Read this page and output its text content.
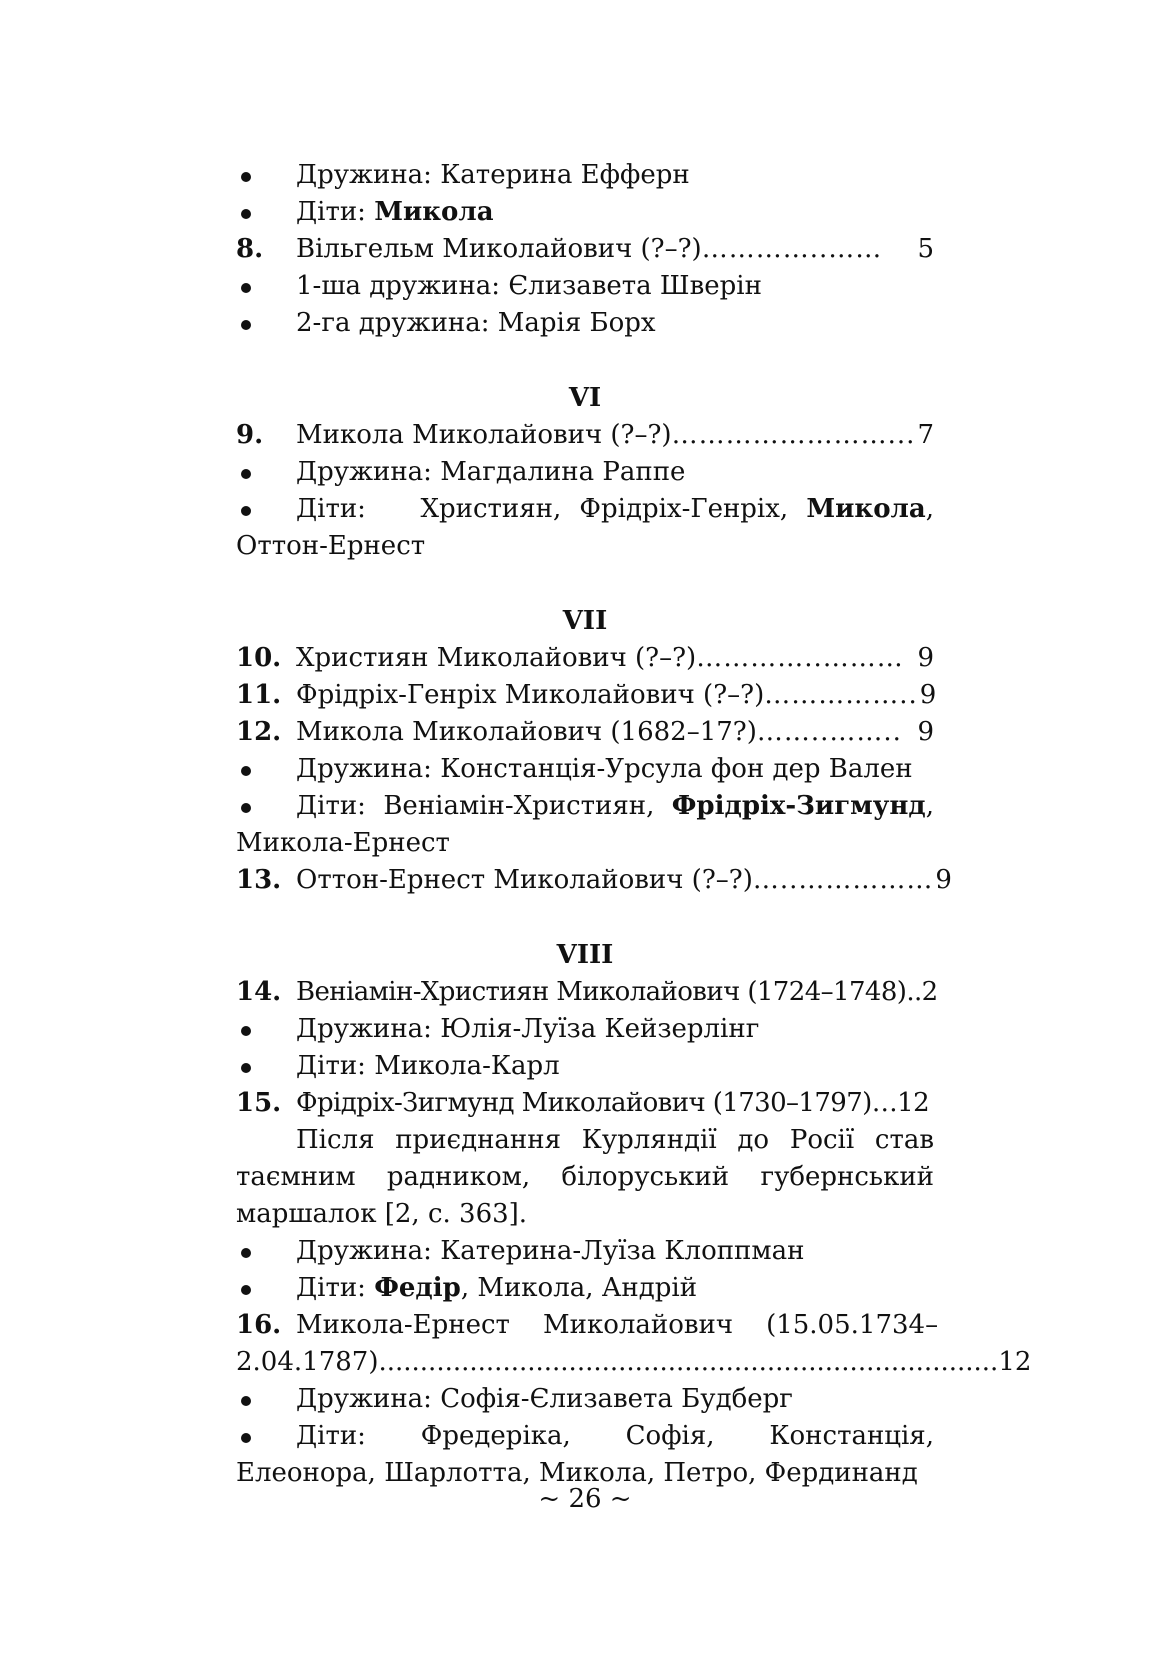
Дружина: Катерина Ефферн
Діти: Микола
8. Вільгельм Миколайович (?–?) …………..……	5
1-ша дружина: Єлизавета Шверін
2-га дружина: Марія Борх
VI
9. Микола Миколайович (?–?) ……………………... 7
Дружина: Магдалина Раппе
Діти:   Християн, Фрідріх-Генріх, Микола, Оттон-Ернест
VII
10. Християн Миколайович (?–?) …………..……… 9
11. Фрідріх-Генріх Миколайович (?–?) …………….. 9
12. Микола Миколайович (1682–17?) ……..…….. 9
Дружина: Констанція-Урсула фон дер Вален
Діти: Веніамін-Християн, Фрідріх-Зигмунд, Микола-Ернест
13. Оттон-Ернест Миколайович (?–?) …..…………… 9
VIII
14. Веніамін-Християн Миколайович (1724–1748)..2
Дружина: Юлія-Луїза Кейзерлінг
Діти: Микола-Карл
15. Фрідріх-Зигмунд Миколайович (1730–1797)…12
Після приєднання Курляндії до Росії став таємним радником, білоруський губернський маршалок [2, с. 363].
Дружина: Катерина-Луїза Клоппман
Діти: Федір, Микола, Андрій
16. Микола-Ернест    Миколайович    (15.05.1734–
2.04.1787) ........................................................................... 12
Дружина: Софія-Єлизавета Будберг
Діти: Фредеріка, Софія, Констанція, Елеонора, Шарлотта, Микола, Петро, Фердинанд
~ 26 ~
